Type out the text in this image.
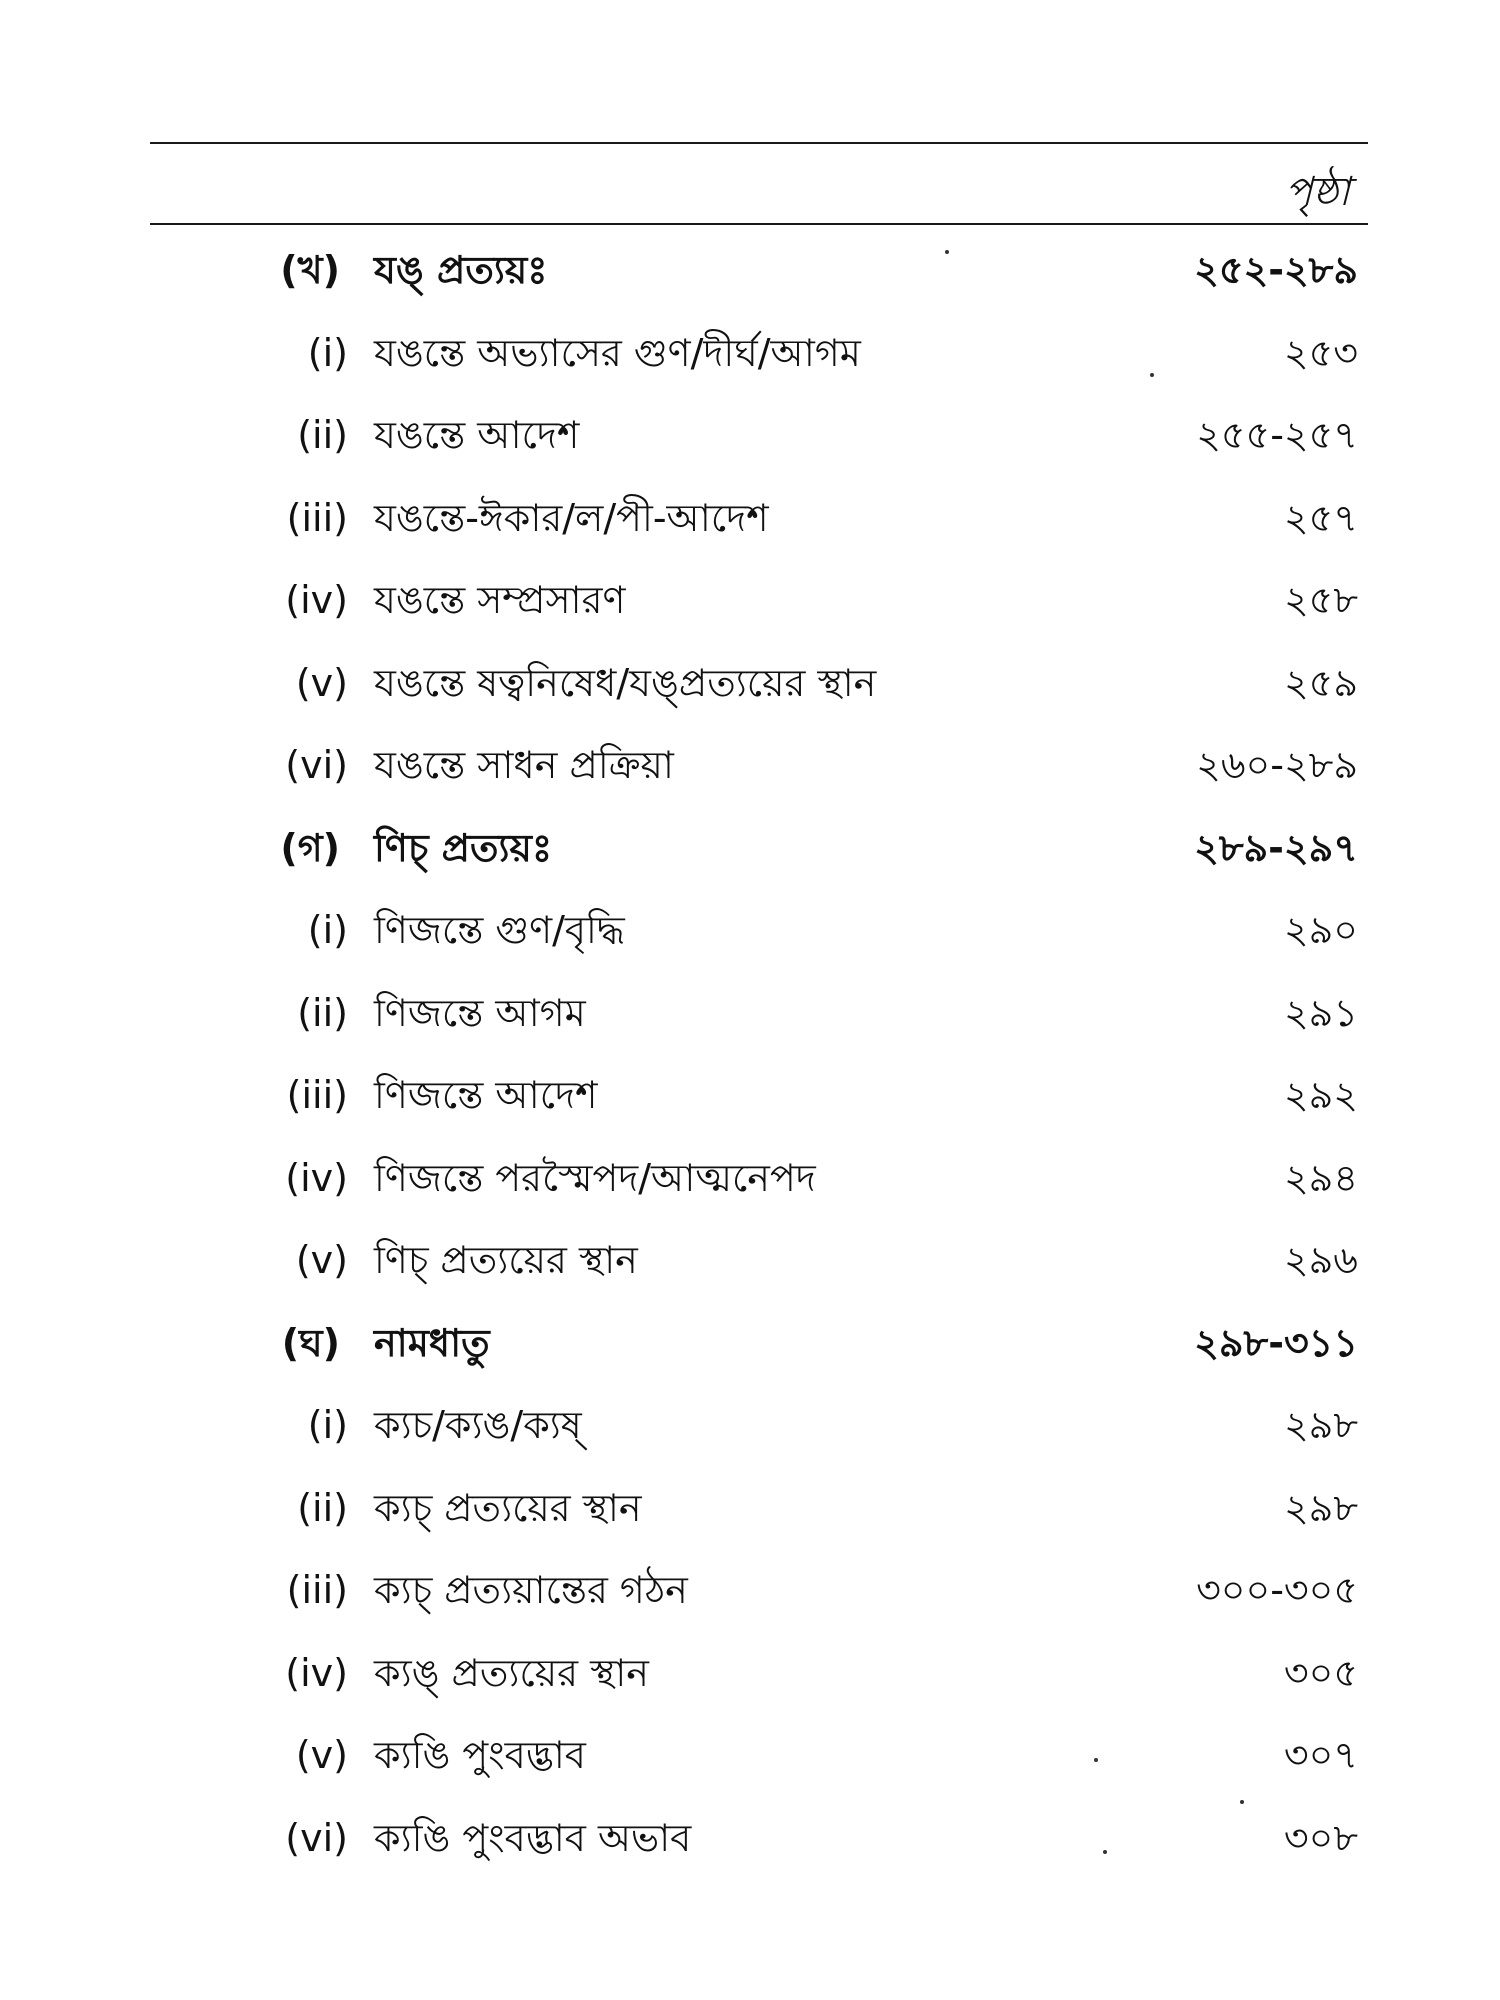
পৃষ্ঠা
(খ) যঙ্ প্রত্যয়ঃ	২৫২-২৮৯
(i) যঙন্তে অভ্যাসের গুণ/দীর্ঘ/আগম	২৫৩
(ii) যঙন্তে আদেশ	২৫৫-২৫৭
(iii) যঙন্তে-ঈকার/ল/পী-আদেশ	২৫৭
(iv) যঙন্তে সম্প্রসারণ	২৫৮
(v) যঙন্তে ষত্বনিষেধ/যঙ্প্রত্যয়ের স্থান	২৫৯
(vi) যঙন্তে সাধন প্রক্রিয়া	২৬০-২৮৯
(গ) ণিচ্ প্রত্যয়ঃ	২৮৯-২৯৭
(i) ণিজন্তে গুণ/বৃদ্ধি	২৯০
(ii) ণিজন্তে আগম	২৯১
(iii) ণিজন্তে আদেশ	২৯২
(iv) ণিজন্তে পরস্মৈপদ/আত্মনেপদ	২৯৪
(v) ণিচ্ প্রত্যয়ের স্থান	২৯৬
(ঘ) নামধাতু	২৯৮-৩১১
(i) ক্যচ/ক্যঙ/ক্যষ্	২৯৮
(ii) ক্যচ্ প্রত্যয়ের স্থান	২৯৮
(iii) ক্যচ্ প্রত্যয়ান্তের গঠন	৩০০-৩০৫
(iv) ক্যঙ্ প্রত্যয়ের স্থান	৩০৫
(v) ক্যঙি পুংবদ্ভাব	৩০৭
(vi) ক্যঙি পুংবদ্ভাব অভাব	৩০৮
